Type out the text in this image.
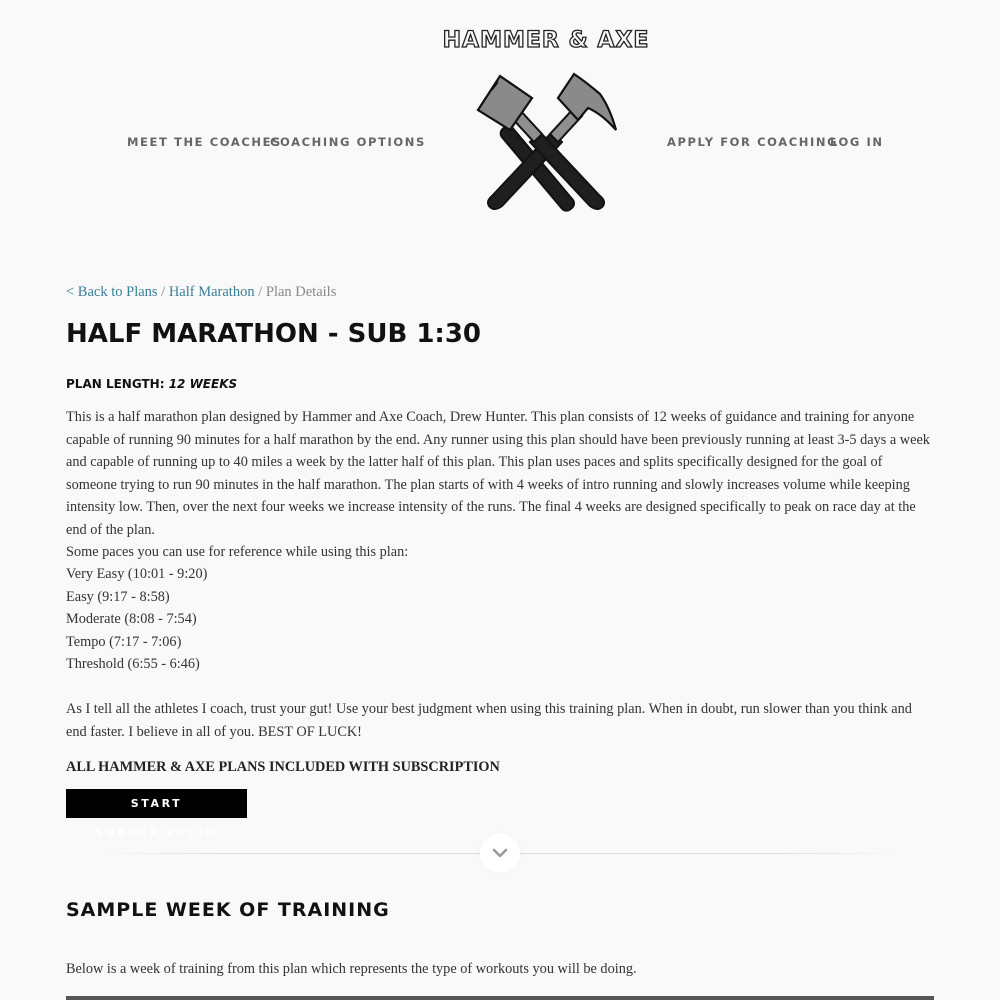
HAMMER & AXE
MEET THE COACHES
COACHING OPTIONS	APPLY FOR COACHING
LOG IN
< Back to Plans / Half Marathon / Plan Details
HALF MARATHON - SUB 1:30
PLAN LENGTH: 12 WEEKS

This is a half marathon plan designed by Hammer and Axe Coach, Drew Hunter. This plan consists of 12 weeks of guidance and training for anyone capable of running 90 minutes for a half marathon by the end. Any runner using this plan should have been previously running at least 3-5 days a week and capable of running up to 40 miles a week by the latter half of this plan. This plan uses paces and splits specifically designed for the goal of someone trying to run 90 minutes in the half marathon. The plan starts of with 4 weeks of intro running and slowly increases volume while keeping intensity low. Then, over the next four weeks we increase intensity of the runs. The final 4 weeks are designed specifically to peak on race day at the end of the plan.

Some paces you can use for reference while using this plan:

Very Easy (10:01 - 9:20)
Easy (9:17 - 8:58)
Moderate (8:08 - 7:54)
Tempo (7:17 - 7:06)
Threshold (6:55 - 6:46)

As I tell all the athletes I coach, trust your gut! Use your best judgment when using this training plan. When in doubt, run slower than you think and end faster. I believe in all of you. BEST OF LUCK!

ALL HAMMER & AXE PLANS INCLUDED WITH SUBSCRIPTION
START SUBSCRIPTION
SAMPLE WEEK OF TRAINING
Below is a week of training from this plan which represents the type of workouts you will be doing.
